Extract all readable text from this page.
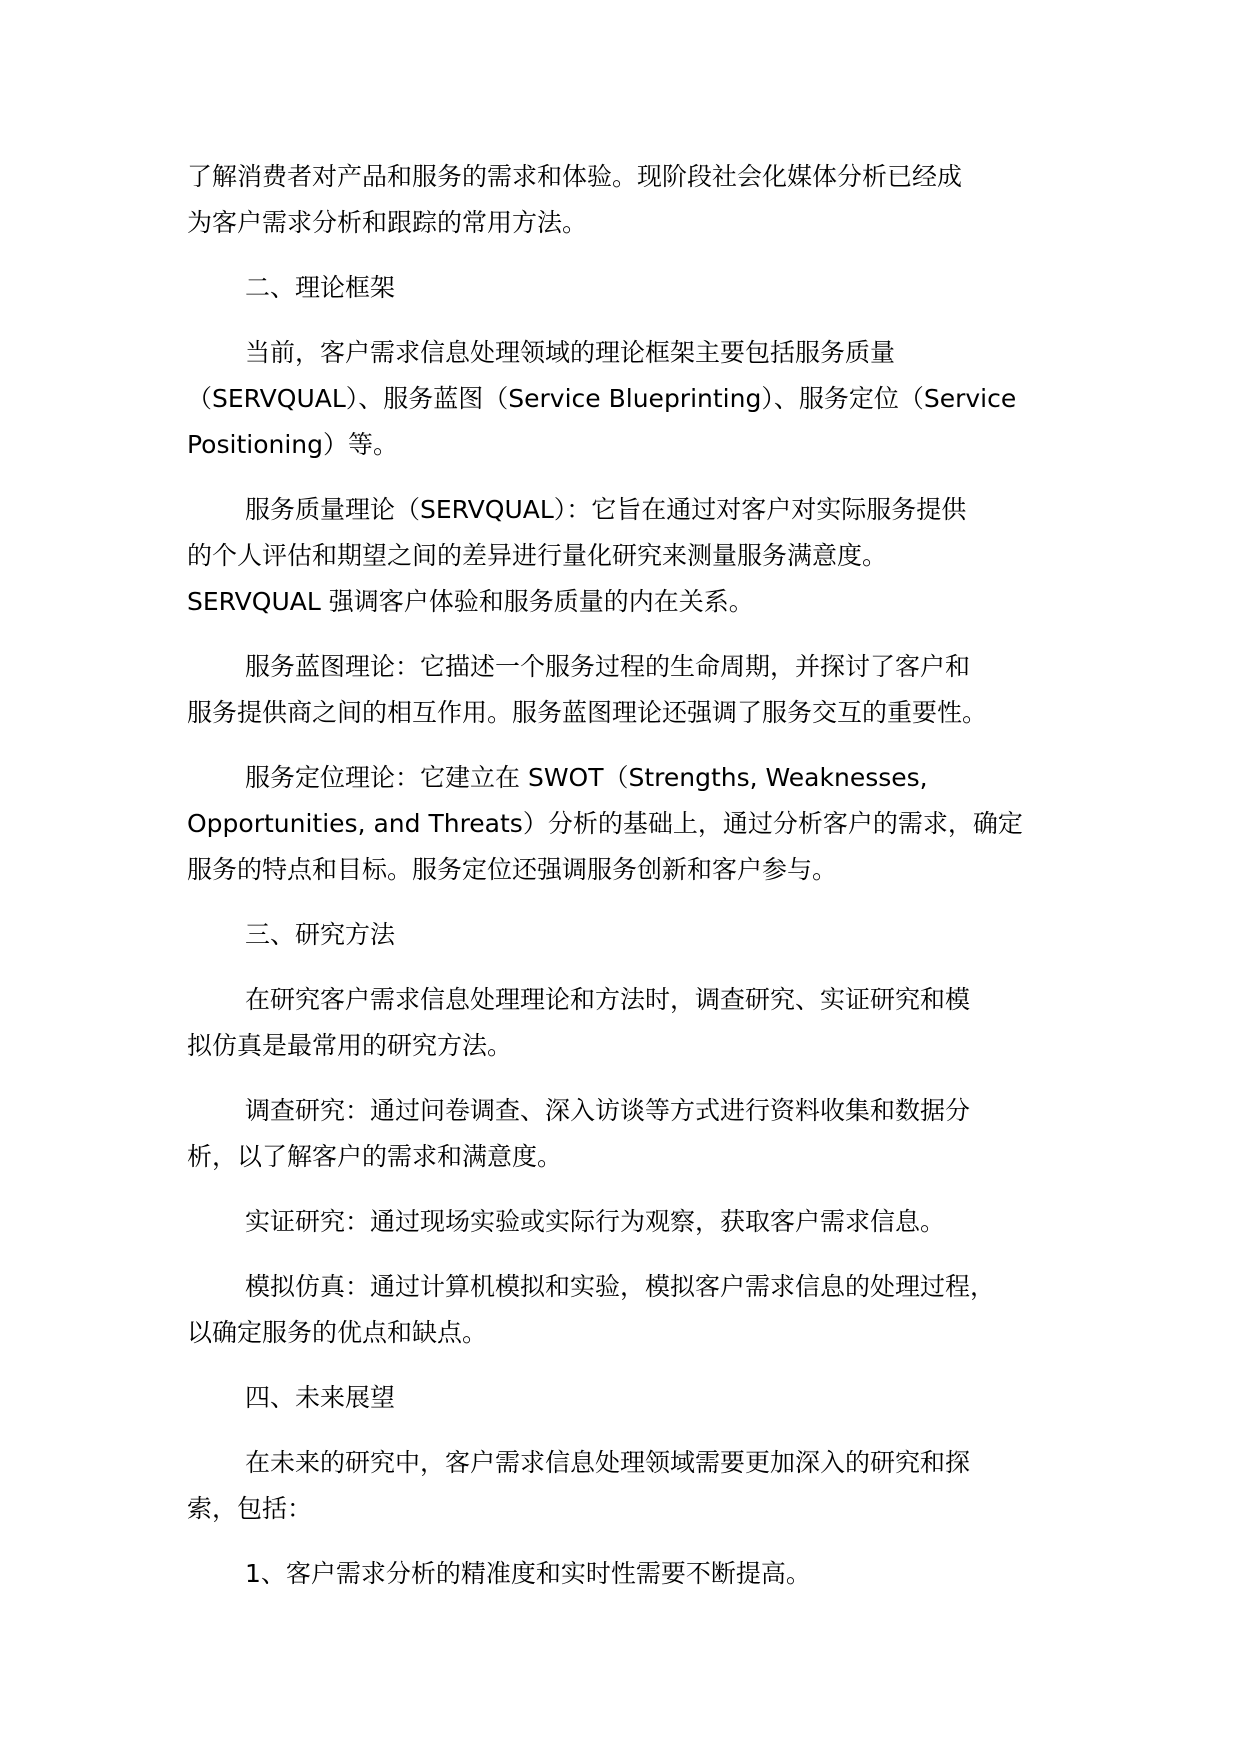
了解消费者对产品和服务的需求和体验。现阶段社会化媒体分析已经成
为客户需求分析和跟踪的常用方法。
二、理论框架
当前，客户需求信息处理领域的理论框架主要包括服务质量
（SERVQUAL）、服务蓝图（Service Blueprinting）、服务定位（Service
Positioning）等。
服务质量理论（SERVQUAL）：它旨在通过对客户对实际服务提供
的个人评估和期望之间的差异进行量化研究来测量服务满意度。
SERVQUAL 强调客户体验和服务质量的内在关系。
服务蓝图理论：它描述一个服务过程的生命周期，并探讨了客户和
服务提供商之间的相互作用。服务蓝图理论还强调了服务交互的重要性。
服务定位理论：它建立在 SWOT（Strengths, Weaknesses,
Opportunities, and Threats）分析的基础上，通过分析客户的需求，确定
服务的特点和目标。服务定位还强调服务创新和客户参与。
三、研究方法
在研究客户需求信息处理理论和方法时，调查研究、实证研究和模
拟仿真是最常用的研究方法。
调查研究：通过问卷调查、深入访谈等方式进行资料收集和数据分
析，以了解客户的需求和满意度。
实证研究：通过现场实验或实际行为观察，获取客户需求信息。
模拟仿真：通过计算机模拟和实验，模拟客户需求信息的处理过程，
以确定服务的优点和缺点。
四、未来展望
在未来的研究中，客户需求信息处理领域需要更加深入的研究和探
索，包括：
1、客户需求分析的精准度和实时性需要不断提高。
